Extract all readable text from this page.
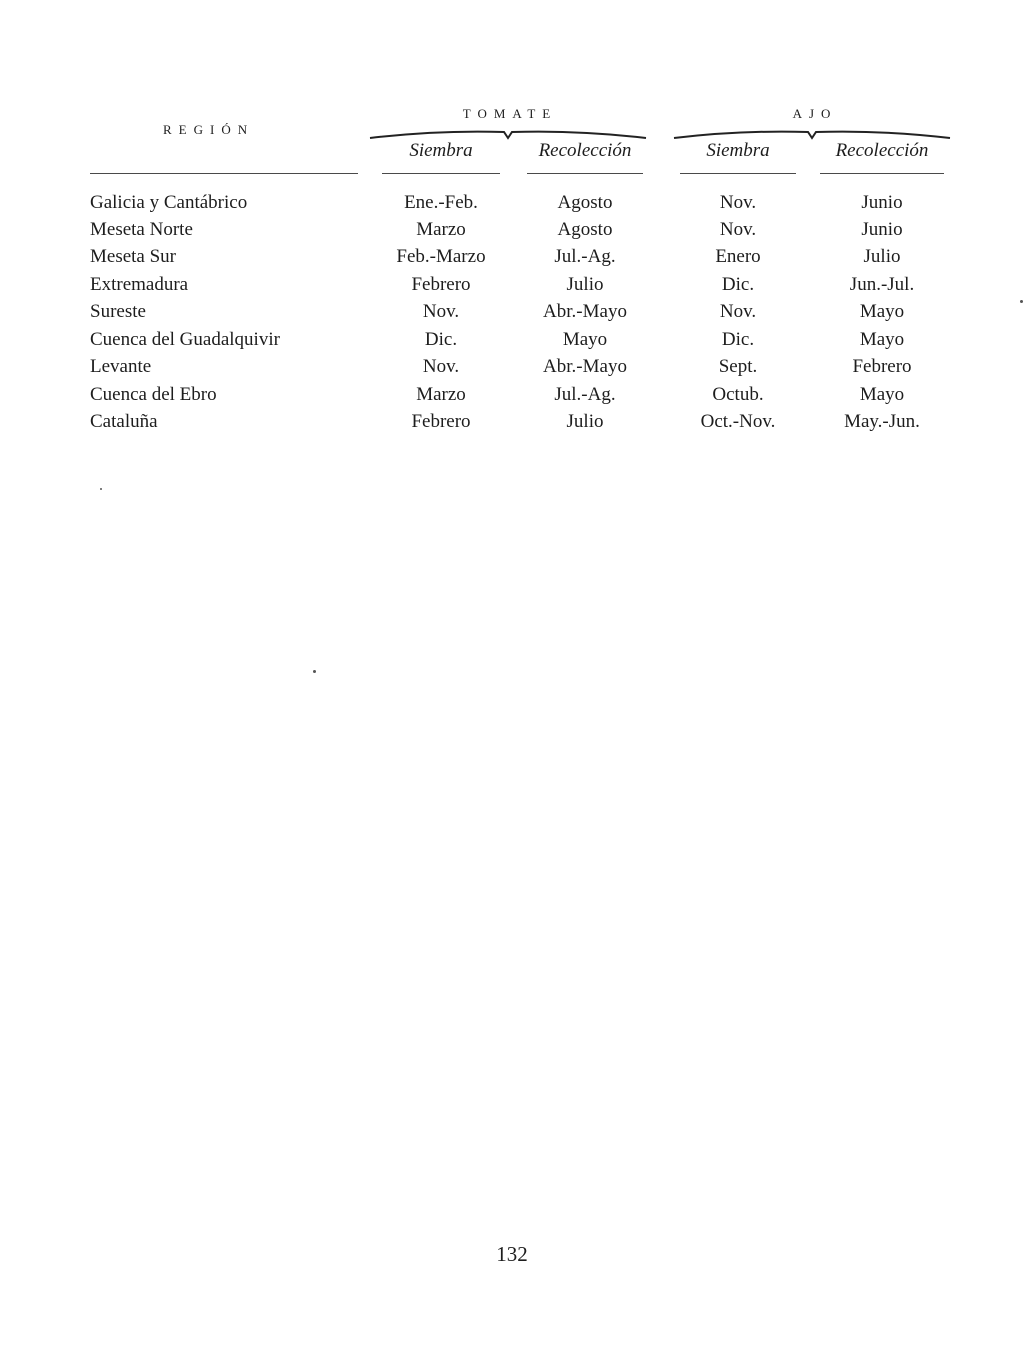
REGIÓN
TOMATE	AJO
Siembra	Recolección	Siembra	Recolección
Galicia y Cantábrico	Ene.-Feb.	Agosto	Nov.	Junio
Meseta Norte	Marzo	Agosto	Nov.	Junio
Meseta Sur	Feb.-Marzo	Jul.-Ag.	Enero	Julio
Extremadura	Febrero	Julio	Dic.	Jun.-Jul.
Sureste	Nov.	Abr.-Mayo	Nov.	Mayo
Cuenca del Guadalquivir	Dic.	Mayo	Dic.	Mayo
Levante	Nov.	Abr.-Mayo	Sept.	Febrero
Cuenca del Ebro	Marzo	Jul.-Ag.	Octub.	Mayo
Cataluña	Febrero	Julio	Oct.-Nov.	May.-Jun.
132
